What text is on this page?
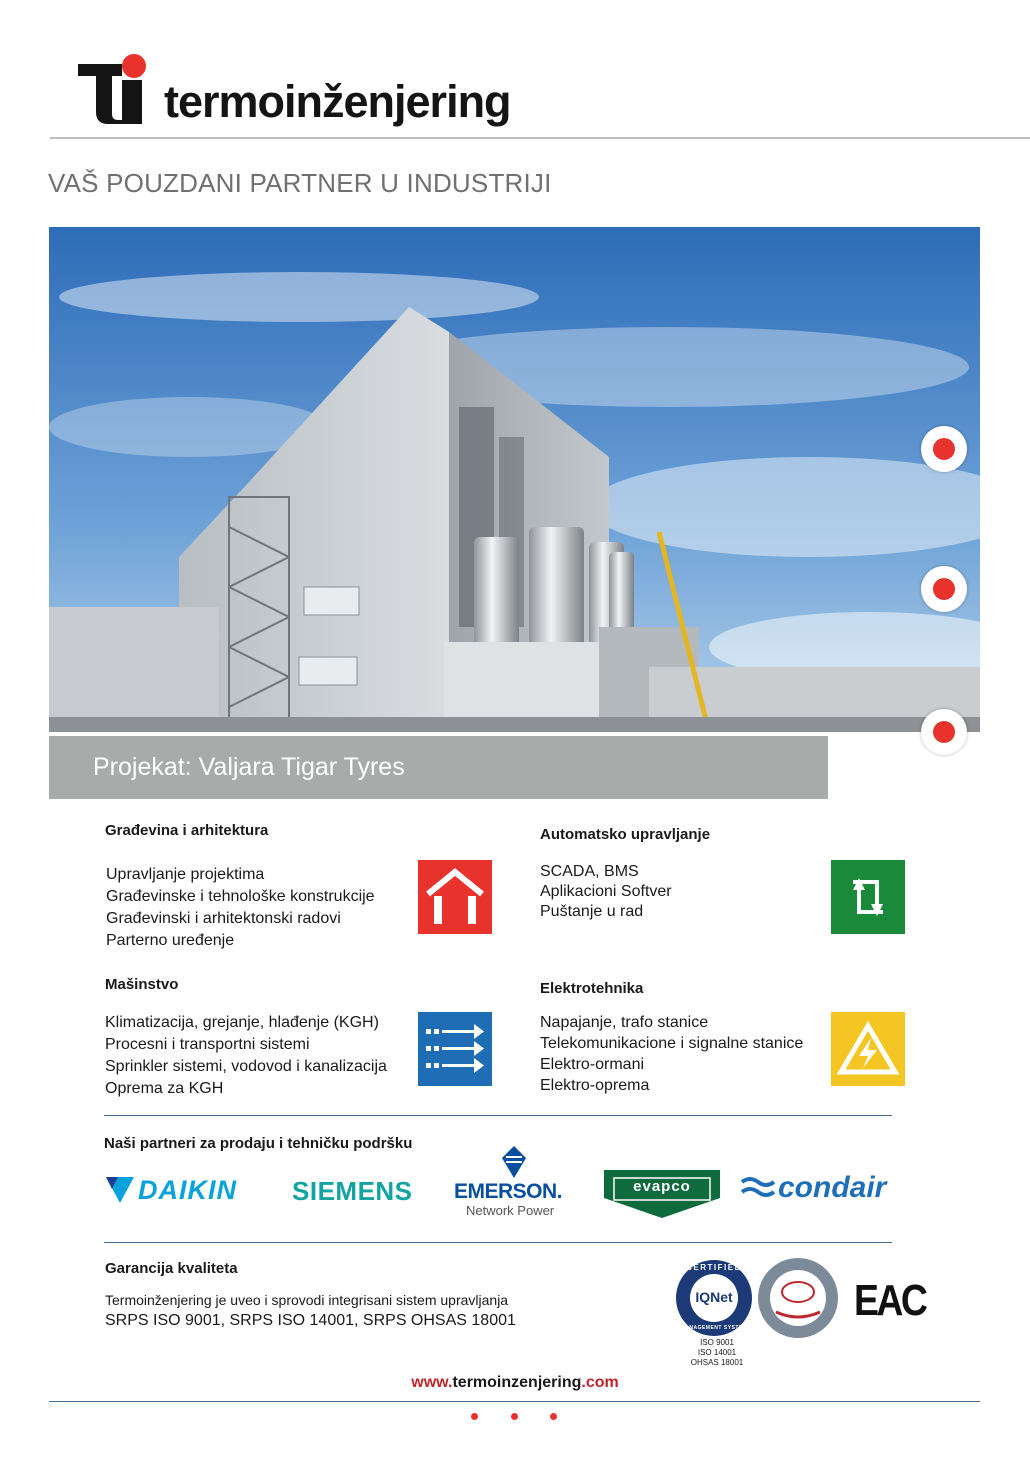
termoinženjering
VAŠ POUZDANI PARTNER U INDUSTRIJI
Projekat: Valjara Tigar Tyres
Građevina i arhitektura
Upravljanje projektima
Građevinske i tehnološke konstrukcije
Građevinski i arhitektonski radovi
Parterno uređenje
Automatsko upravljanje
SCADA, BMS
Aplikacioni Softver
Puštanje u rad
Mašinstvo
Klimatizacija, grejanje, hlađenje (KGH)
Procesni i transportni sistemi
Sprinkler sistemi, vodovod i kanalizacija
Oprema za KGH
Elektrotehnika
Napajanje, trafo stanice
Telekomunikacione i signalne stanice
Elektro-ormani
Elektro-oprema
Naši partneri za prodaju i tehničku podršku
DAIKIN SIEMENS EMERSON.
Network Power
evapco	condair
Garancija kvaliteta
Termoinženjering je uveo i sprovodi integrisani sistem upravljanja
SRPS ISO 9001, SRPS ISO 14001, SRPS OHSAS 18001
CERTIFIED
IQNet
MANAGEMENT SYSTEM
ISO 9001
ISO 14001
OHSAS 18001
EAC
www.termoinzenjering.com
